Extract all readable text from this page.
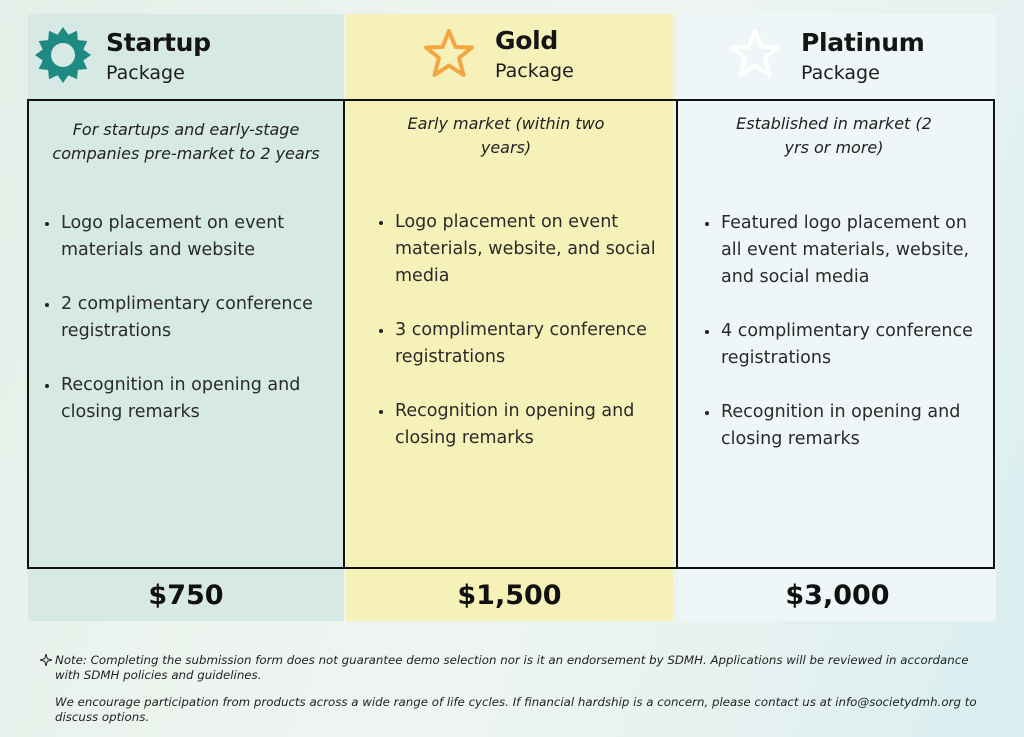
Startup
Package
Gold
Package
Platinum
Package
For startups and early-stage companies pre-market to 2 years
Logo placement on event materials and website
2 complimentary conference registrations
Recognition in opening and closing remarks
Early market (within two years)
Logo placement on event materials, website, and social media
3 complimentary conference registrations
Recognition in opening and closing remarks
Established in market (2 yrs or more)
Featured logo placement on all event materials, website, and social media
4 complimentary conference registrations
Recognition in opening and closing remarks
$750	$1,500	$3,000

Note: Completing the submission form does not guarantee demo selection nor is it an endorsement by SDMH. Applications will be reviewed in accordance with SDMH policies and guidelines.

We encourage participation from products across a wide range of life cycles. If financial hardship is a concern, please contact us at info@societydmh.org to discuss options.
